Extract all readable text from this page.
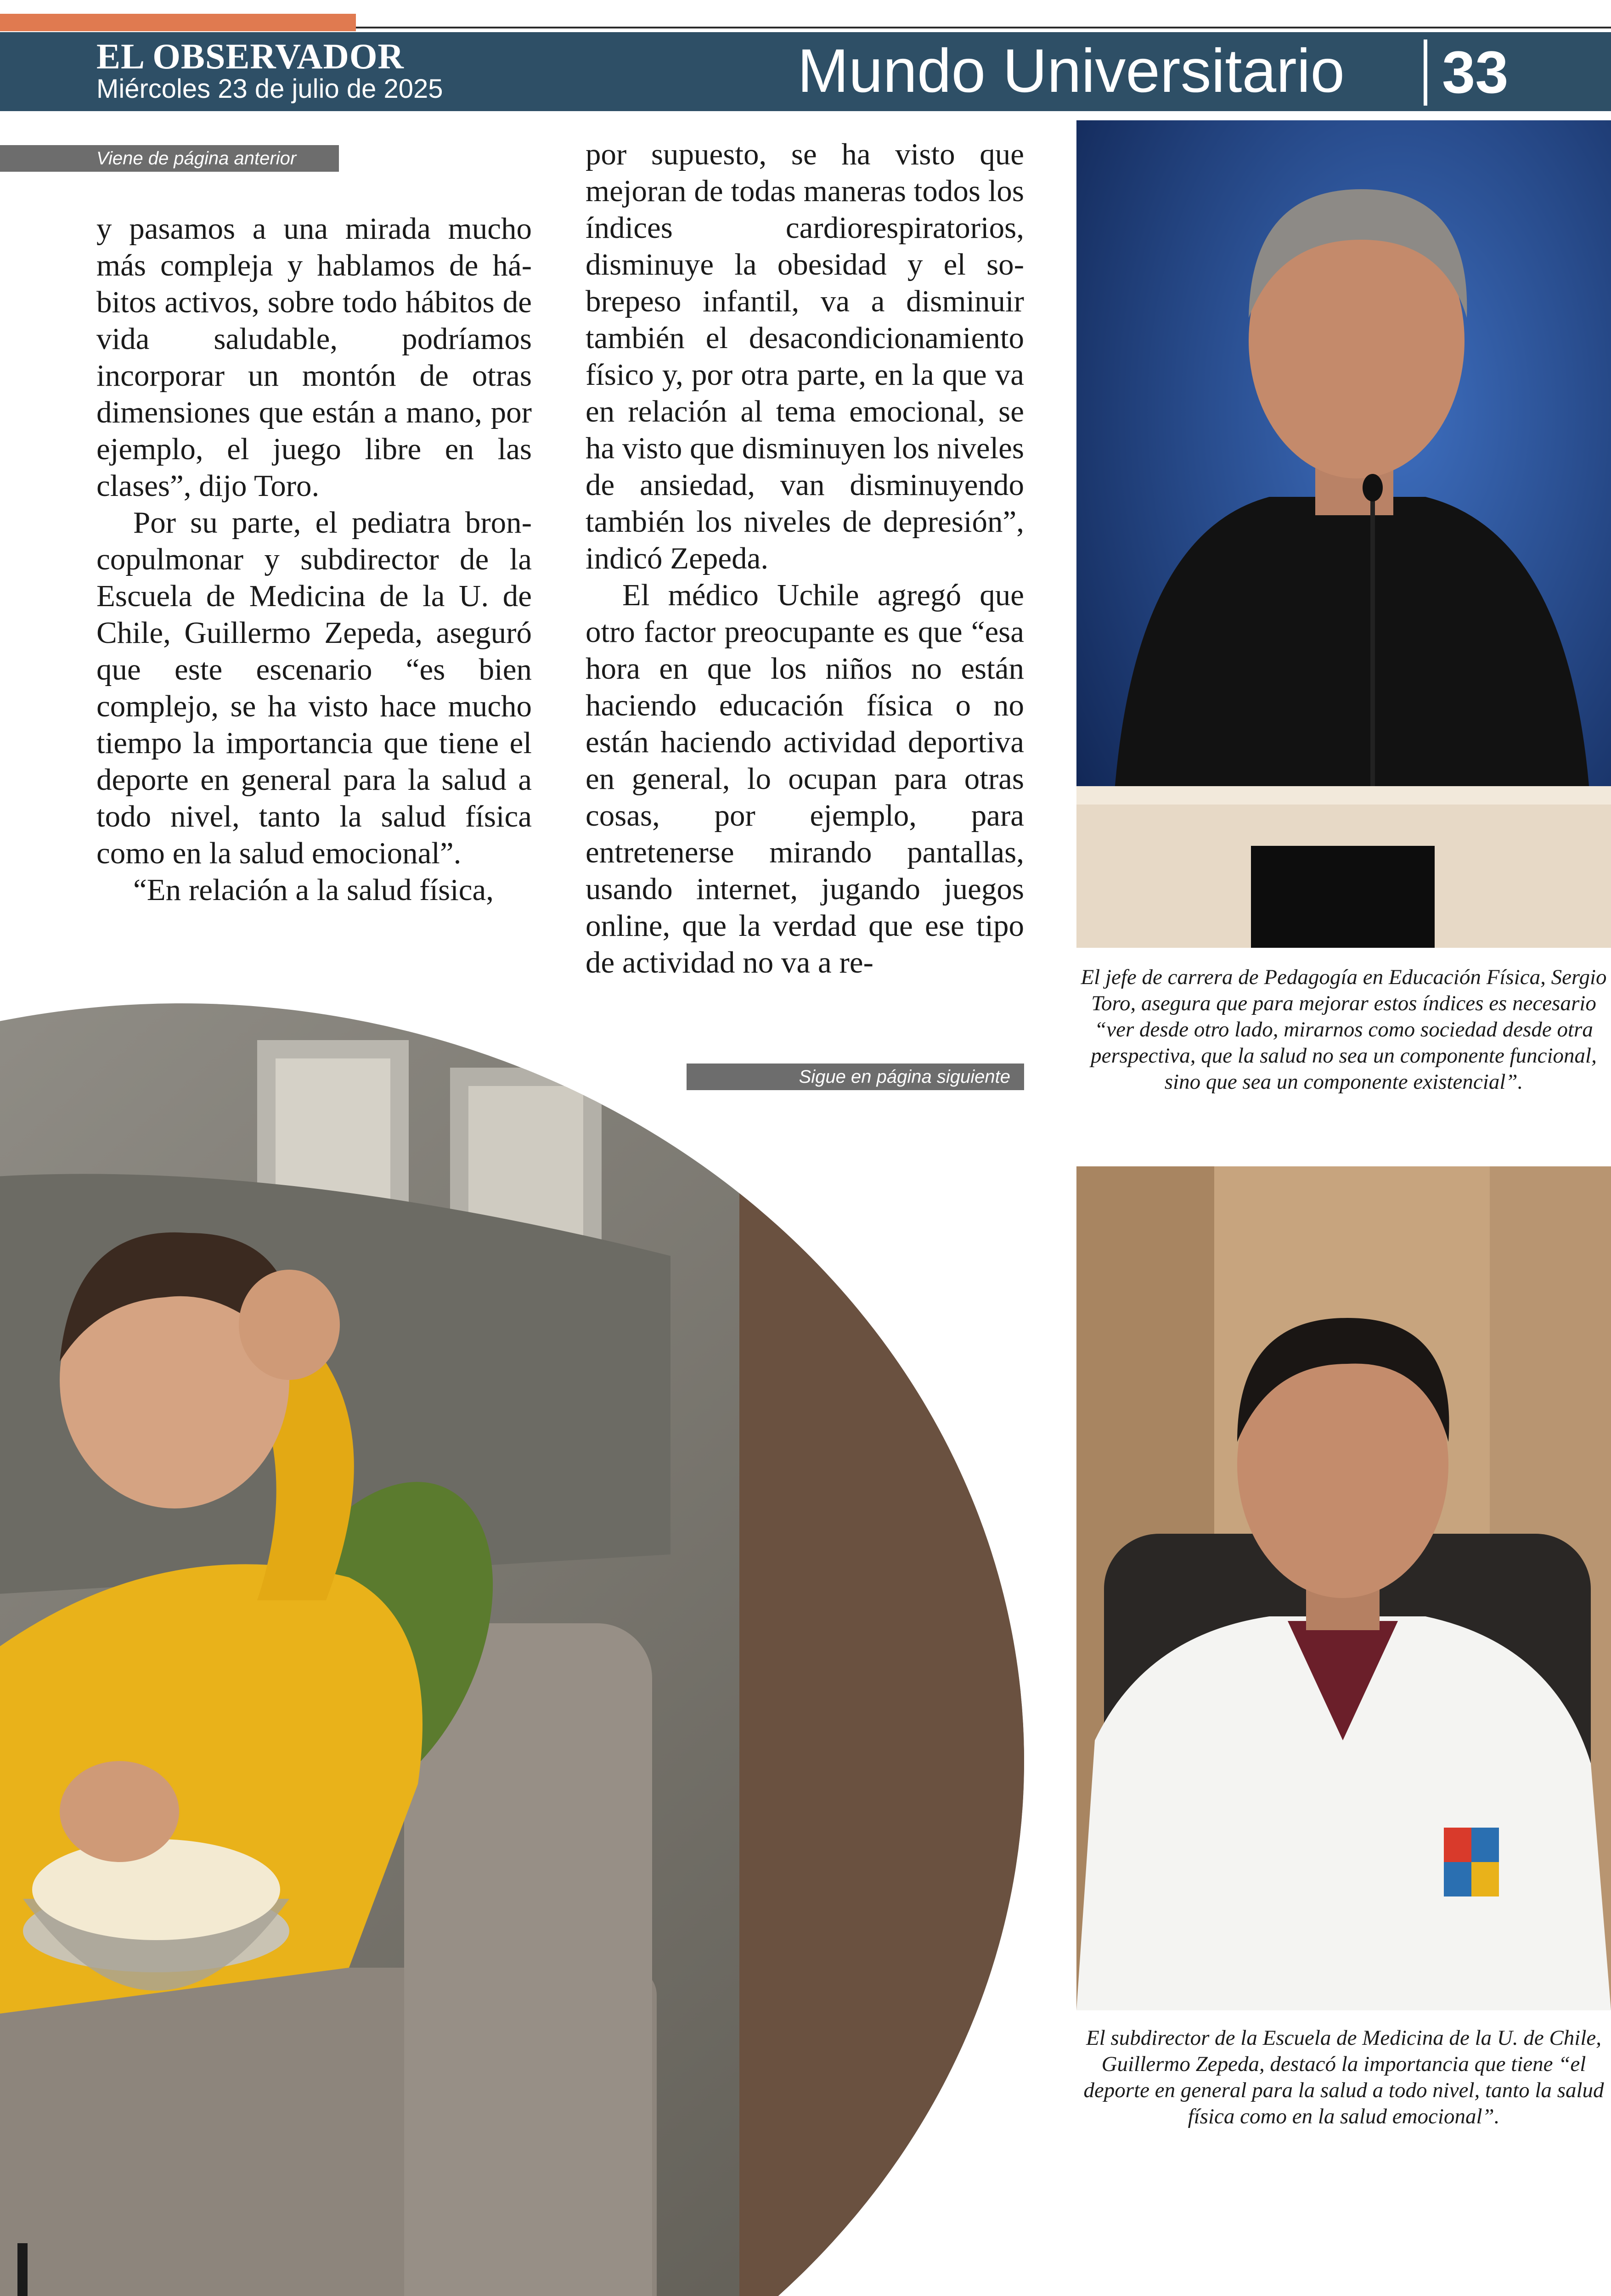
EL OBSERVADOR
Miércoles 23 de julio de 2025	Mundo Universitario 33
Viene de página anterior

y pasamos a una mirada mucho más compleja y hablamos de hábitos activos, sobre todo hábitos de vida saludable, podríamos incorporar un montón de otras dimensiones que están a mano, por ejemplo, el juego libre en las clases”, dijo Toro.

Por su parte, el pediatra broncopulmonar y subdirector de la Escuela de Medicina de la U. de Chile, Guillermo Zepeda, aseguró que este escenario “es bien complejo, se ha visto hace mucho tiempo la importancia que tiene el deporte en general para la salud a todo nivel, tanto la salud física como en la salud emocional”.

“En relación a la salud física,

por supuesto, se ha visto que mejoran de todas maneras todos los índices cardiorespiratorios, disminuye la obesidad y el sobrepeso infantil, va a disminuir también el desacondicionamiento físico y, por otra parte, en la que va en relación al tema emocional, se ha visto que disminuyen los niveles de ansiedad, van disminuyendo también los niveles de depresión”, indicó Zepeda.

El médico Uchile agregó que otro factor preocupante es que “esa hora en que los niños no están haciendo educación física o no están haciendo actividad deportiva en general, lo ocupan para otras cosas, por ejemplo, para entretenerse mirando pantallas, usando internet, jugando juegos online, que la verdad que ese tipo de actividad no va a re-

Sigue en página siguiente
El jefe de carrera de Pedagogía en Educación Física, Sergio Toro, asegura que para mejorar estos índices es necesario “ver desde otro lado, mirarnos como sociedad desde otra perspectiva, que la salud no sea un componente funcional, sino que sea un componente existencial”.
El subdirector de la Escuela de Medicina de la U. de Chile, Guillermo Zepeda, destacó la importancia que tiene “el deporte en general para la salud a todo nivel, tanto la salud física como en la salud emocional”.
